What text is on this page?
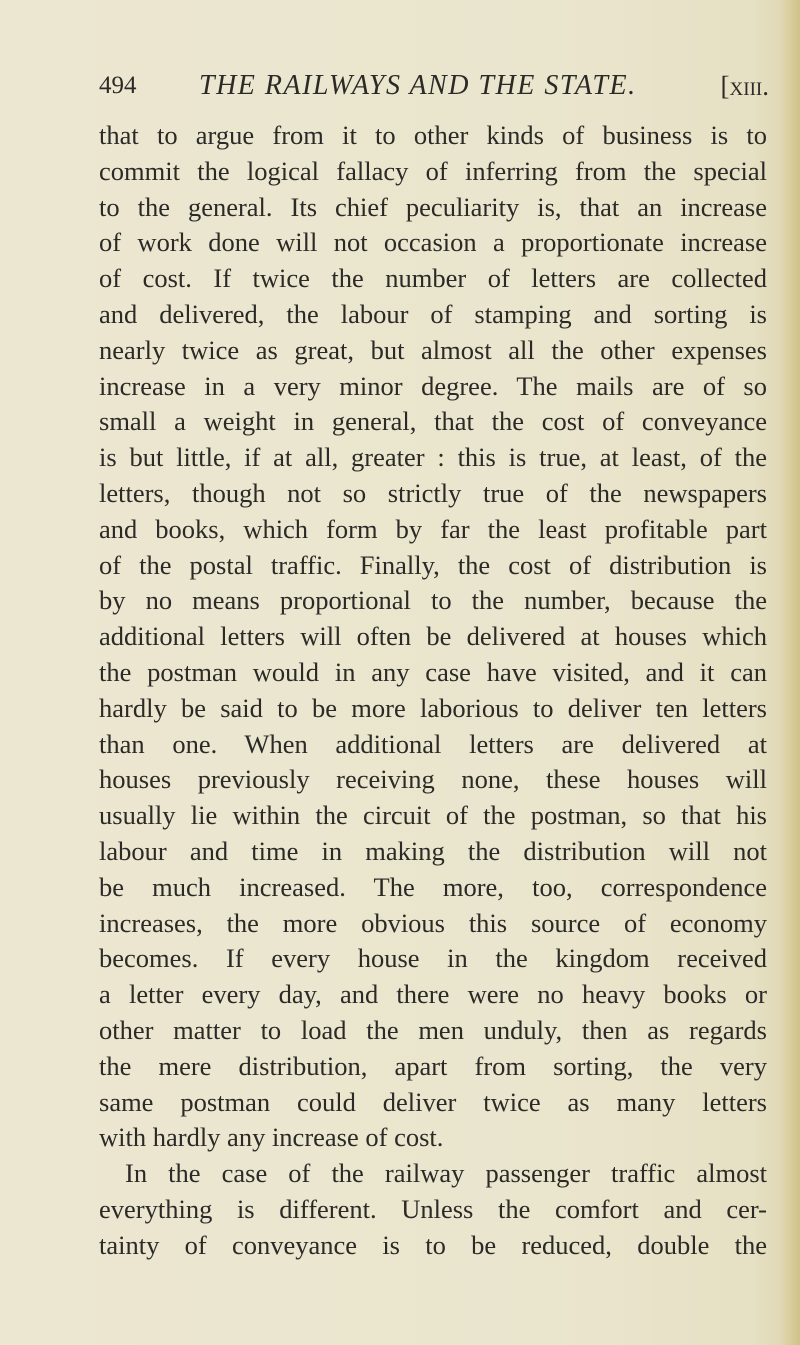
494 THE RAILWAYS AND THE STATE.	[xiii.
that to argue from it to other kinds of business is to
commit the logical fallacy of inferring from the special
to the general. Its chief peculiarity is, that an increase
of work done will not occasion a proportionate increase
of cost. If twice the number of letters are collected
and delivered, the labour of stamping and sorting is
nearly twice as great, but almost all the other expenses
increase in a very minor degree. The mails are of so
small a weight in general, that the cost of conveyance
is but little, if at all, greater : this is true, at least, of the
letters, though not so strictly true of the newspapers
and books, which form by far the least profitable part
of the postal traffic. Finally, the cost of distribution is
by no means proportional to the number, because the
additional letters will often be delivered at houses which
the postman would in any case have visited, and it can
hardly be said to be more laborious to deliver ten letters
than one. When additional letters are delivered at
houses previously receiving none, these houses will
usually lie within the circuit of the postman, so that his
labour and time in making the distribution will not
be much increased. The more, too, correspondence
increases, the more obvious this source of economy
becomes. If every house in the kingdom received
a letter every day, and there were no heavy books or
other matter to load the men unduly, then as regards
the mere distribution, apart from sorting, the very
same postman could deliver twice as many letters
with hardly any increase of cost.
In the case of the railway passenger traffic almost
everything is different. Unless the comfort and cer-
tainty of conveyance is to be reduced, double the
